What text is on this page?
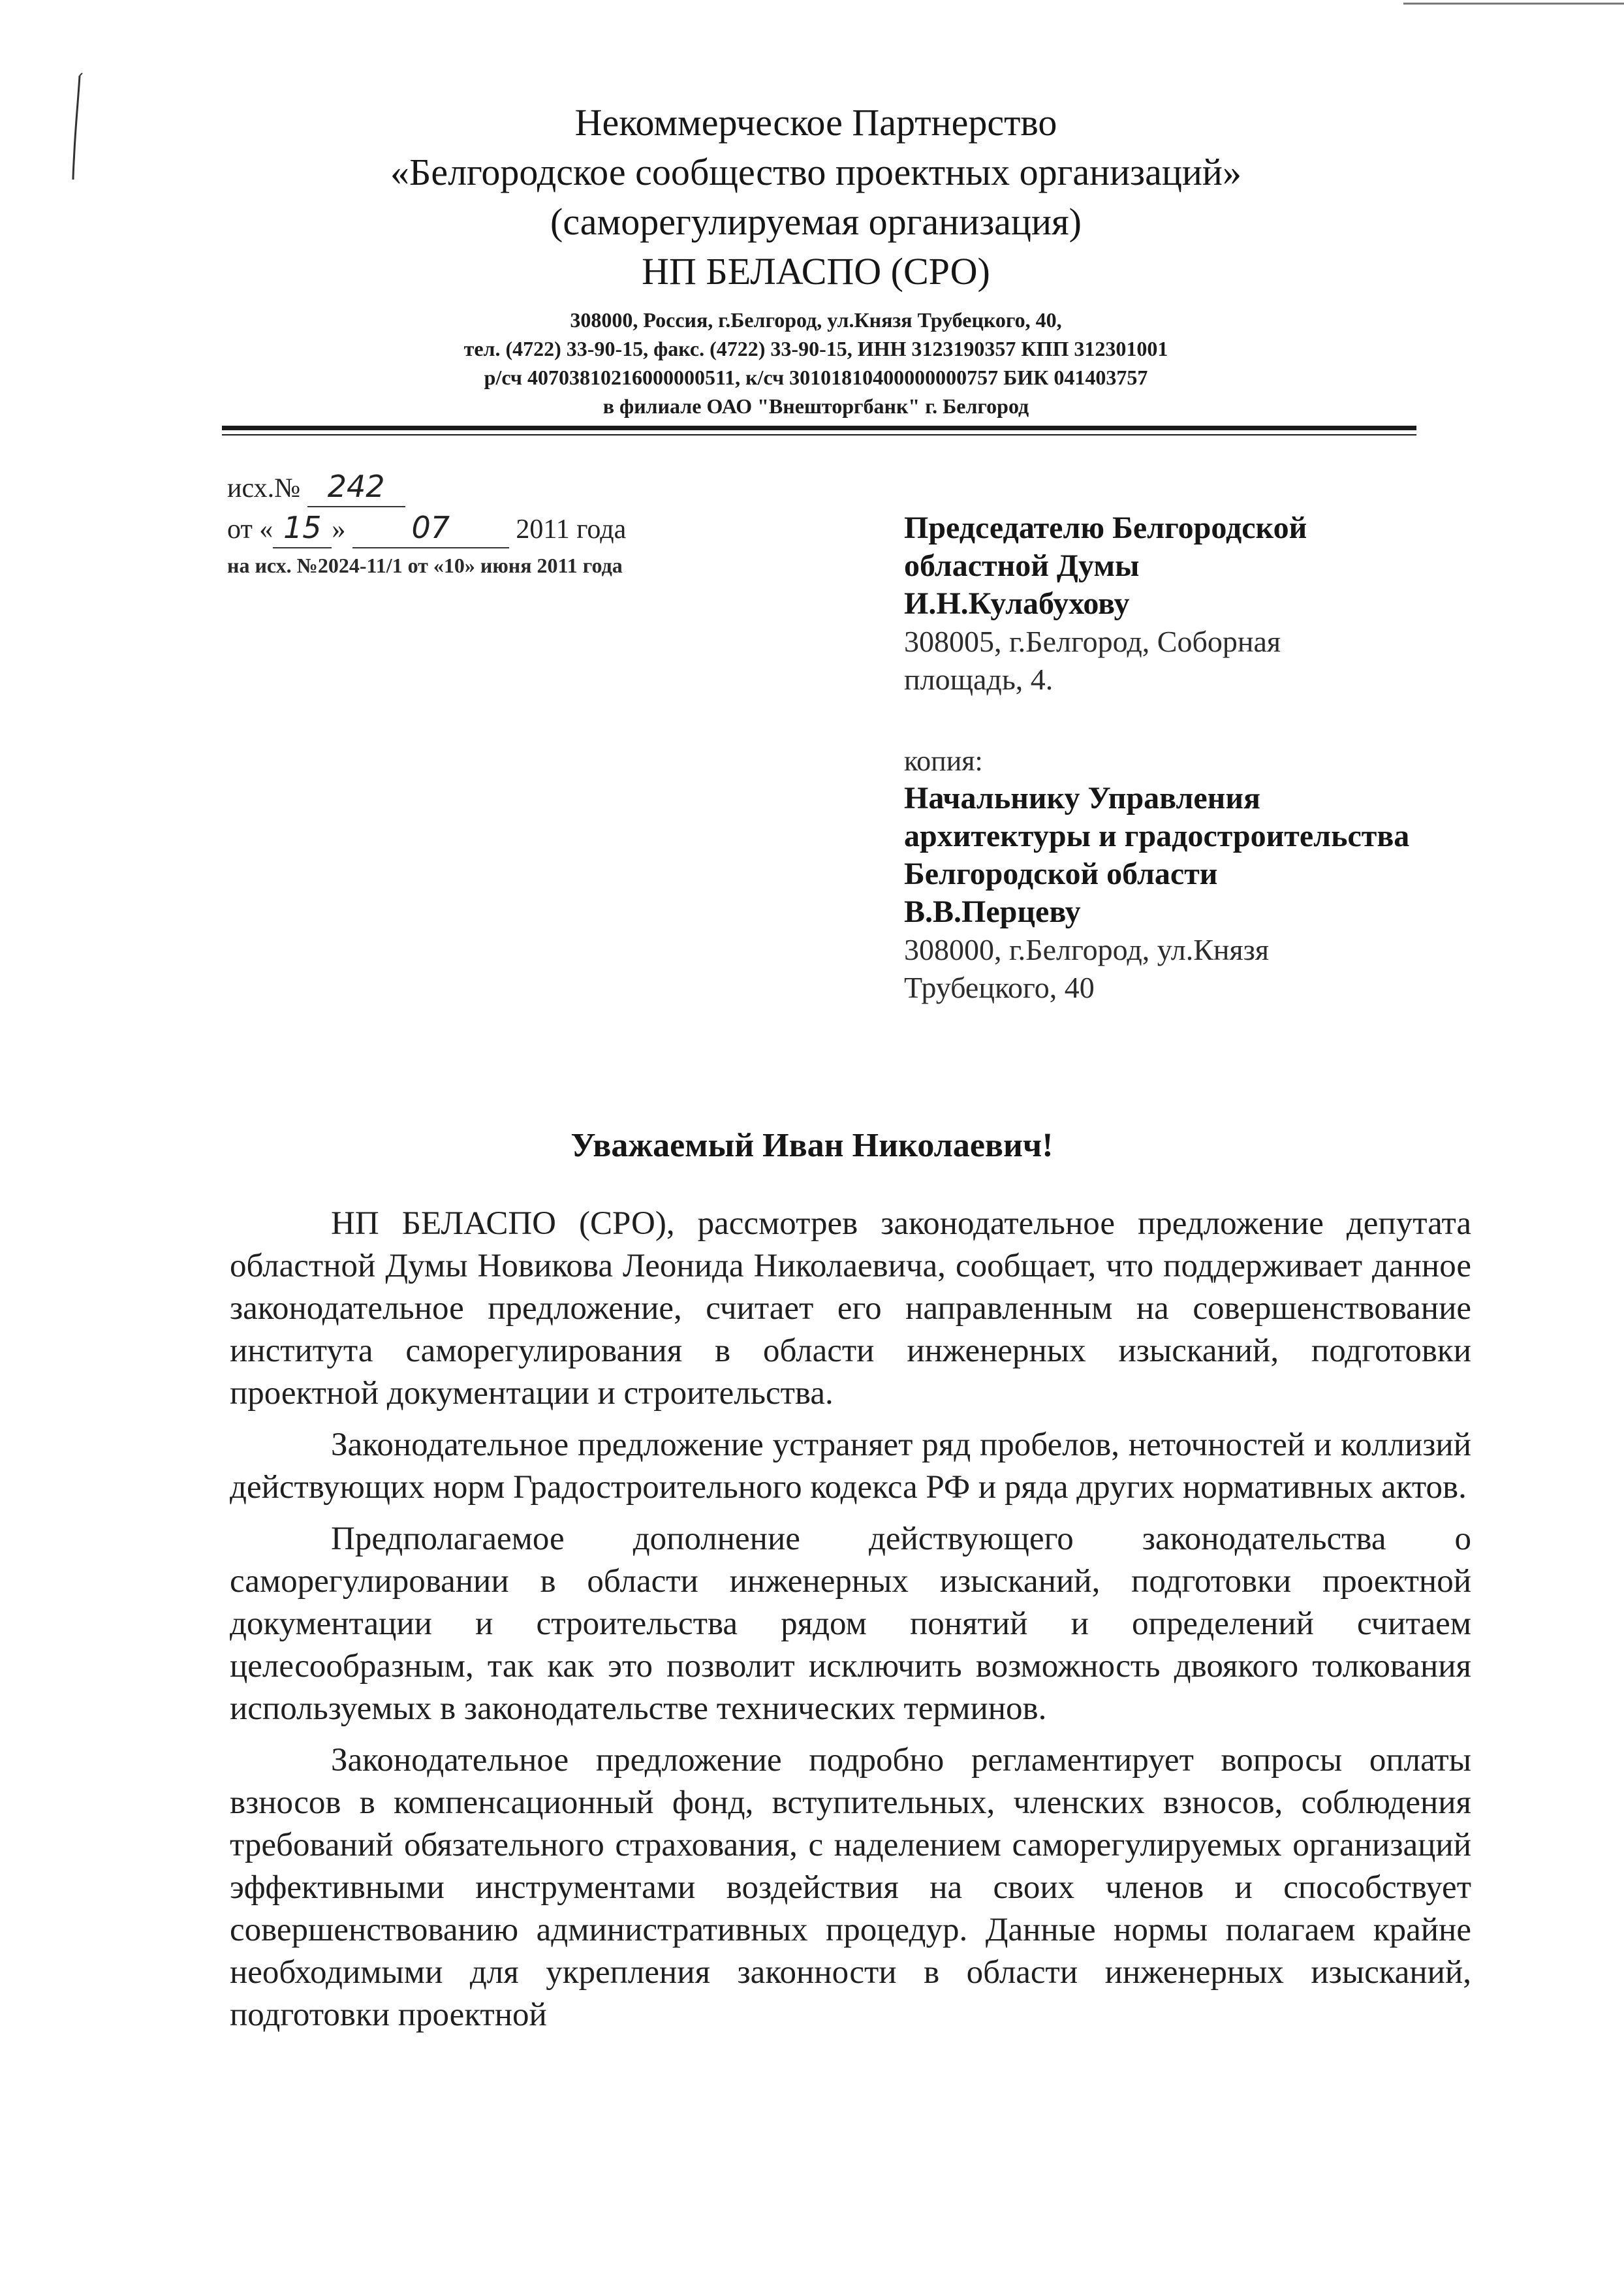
Некоммерческое Партнерство

«Белгородское сообщество проектных организаций»

(саморегулируемая организация)

НП БЕЛАСПО (СРО)

308000, Россия, г.Белгород, ул.Князя Трубецкого, 40,
тел. (4722) 33-90-15, факс. (4722) 33-90-15, ИНН 3123190357 КПП 312301001
р/сч 40703810216000000511, к/сч 30101810400000000757 БИК 041403757
в филиале ОАО "Внешторгбанк" г. Белгород
исх.№ 242
от « 15 » 07 2011 года
на исх. №2024-11/1 от «10» июня 2011 года

Председателю Белгородской

областной Думы

И.Н.Кулабухову

308005, г.Белгород, Соборная

площадь, 4.

копия:

Начальнику Управления

архитектуры и градостроительства

Белгородской области

В.В.Перцеву

308000, г.Белгород, ул.Князя

Трубецкого, 40

Уважаемый Иван Николаевич!

НП БЕЛАСПО (СРО), рассмотрев законодательное предложение депутата областной Думы Новикова Леонида Николаевича, сообщает, что поддерживает данное законодательное предложение, считает его направленным на совершенствование института саморегулирования в области инженерных изысканий, подготовки проектной документации и строительства.

Законодательное предложение устраняет ряд пробелов, неточностей и коллизий действующих норм Градостроительного кодекса РФ и ряда других нормативных актов.

Предполагаемое дополнение действующего законодательства о саморегулировании в области инженерных изысканий, подготовки проектной документации и строительства рядом понятий и определений считаем целесообразным, так как это позволит исключить возможность двоякого толкования используемых в законодательстве технических терминов.

Законодательное предложение подробно регламентирует вопросы оплаты взносов в компенсационный фонд, вступительных, членских взносов, соблюдения требований обязательного страхования, с наделением саморегулируемых организаций эффективными инструментами воздействия на своих членов и способствует совершенствованию административных процедур. Данные нормы полагаем крайне необходимыми для укрепления законности в области инженерных изысканий, подготовки проектной
